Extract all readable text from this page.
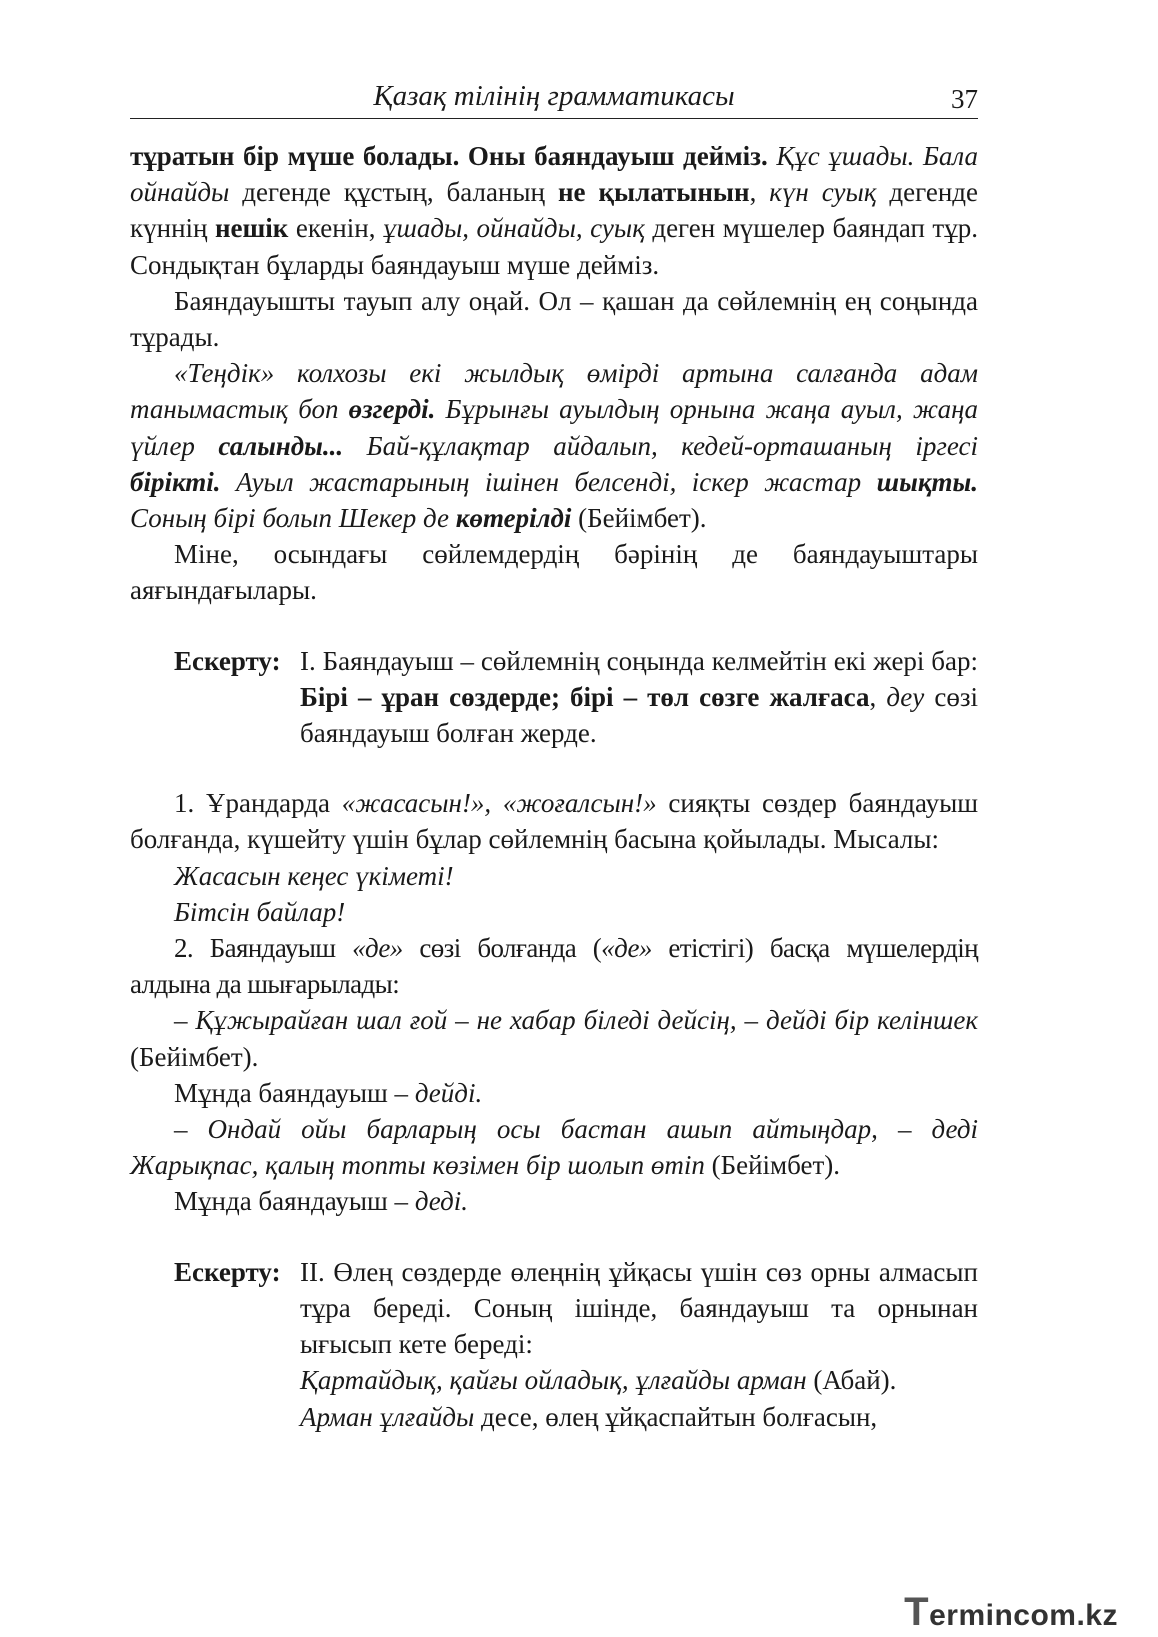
Қазақ тілінің грамматикасы	37

тұратын бір мүше болады. Оны баяндауыш дейміз. Құс ұшады. Бала ойнайды дегенде құстың, баланың не қылатынын, күн суық дегенде күннің нешік екенін, ұшады, ойнайды, суық деген мүшелер баяндап тұр. Сондықтан бұларды баяндауыш мүше дейміз.

Баяндауышты тауып алу оңай. Ол – қашан да сөйлемнің ең соңында тұрады.

«Теңдік» колхозы екі жылдық өмірді артына салғанда адам танымастық боп өзгерді. Бұрынғы ауылдың орнына жаңа ауыл, жаңа үйлер салынды... Бай-құлақтар айдалып, кедей-орташаның іргесі бірікті. Ауыл жастарының ішінен белсенді, іскер жастар шықты. Соның бірі болып Шекер де көтерілді (Бейімбет).

Міне, осындағы сөйлемдердің бәрінің де баяндауыштары аяғындағылары.

Ескерту: I. Баяндауыш – сөйлемнің соңында келмейтін екі жері бар: Бірі – ұран сөздерде; бірі – төл сөзге жалғаса, деу сөзі баяндауыш болған жерде.

1. Ұрандарда «жасасын!», «жоғалсын!» сияқты сөздер баяндауыш болғанда, күшейту үшін бұлар сөйлемнің басына қойылады. Мысалы:

Жасасын кеңес үкіметі!

Бітсін байлар!

2. Баяндауыш «де» сөзі болғанда («де» етістігі) басқа мүшелердің алдына да шығарылады:

– Құжырайған шал ғой – не хабар біледі дейсің, – дейді бір келіншек (Бейімбет).

Мұнда баяндауыш – дейді.

– Ондай ойы барларың осы бастан ашып айтыңдар, – деді Жарықпас, қалың топты көзімен бір шолып өтіп (Бейімбет).

Мұнда баяндауыш – деді.

Ескерту: II. Өлең сөздерде өлеңнің ұйқасы үшін сөз орны алмасып тұра береді. Соның ішінде, баяндауыш та орнынан ығысып кете береді:

Қартайдық, қайғы ойладық, ұлғайды арман (Абай).

Арман ұлғайды десе, өлең ұйқаспайтын болғасын,

Termincom.kz
